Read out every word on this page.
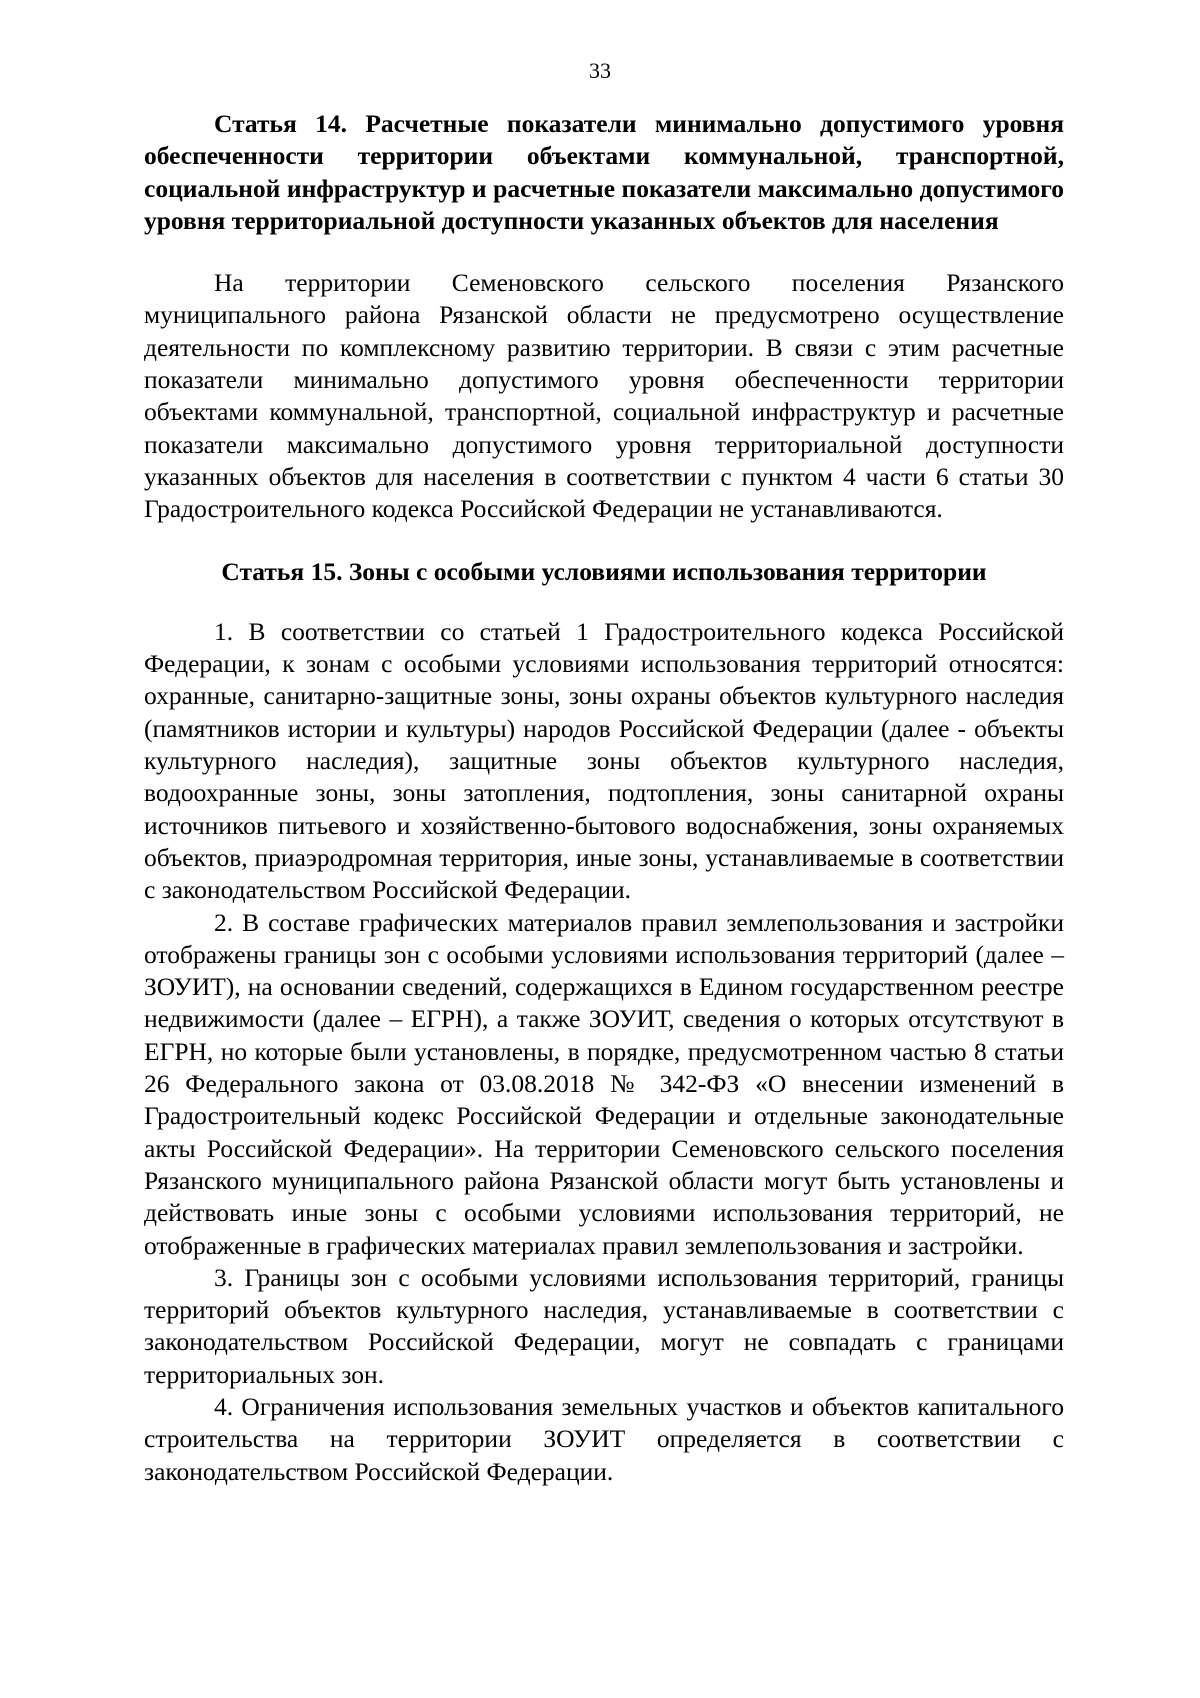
33

Статья 14. Расчетные показатели минимально допустимого уровня обеспеченности территории объектами коммунальной, транспортной, социальной инфраструктур и расчетные показатели максимально допустимого уровня территориальной доступности указанных объектов для населения

На территории Семеновского сельского поселения Рязанского муниципального района Рязанской области не предусмотрено осуществление деятельности по комплексному развитию территории. В связи с этим расчетные показатели минимально допустимого уровня обеспеченности территории объектами коммунальной, транспортной, социальной инфраструктур и расчетные показатели максимально допустимого уровня территориальной доступности указанных объектов для населения в соответствии с пунктом 4 части 6 статьи 30 Градостроительного кодекса Российской Федерации не устанавливаются.

Статья 15. Зоны с особыми условиями использования территории

1. В соответствии со статьей 1 Градостроительного кодекса Российской Федерации, к зонам с особыми условиями использования территорий относятся: охранные, санитарно-защитные зоны, зоны охраны объектов культурного наследия (памятников истории и культуры) народов Российской Федерации (далее - объекты культурного наследия), защитные зоны объектов культурного наследия, водоохранные зоны, зоны затопления, подтопления, зоны санитарной охраны источников питьевого и хозяйственно-бытового водоснабжения, зоны охраняемых объектов, приаэродромная территория, иные зоны, устанавливаемые в соответствии с законодательством Российской Федерации.

2. В составе графических материалов правил землепользования и застройки отображены границы зон с особыми условиями использования территорий (далее – ЗОУИТ), на основании сведений, содержащихся в Едином государственном реестре недвижимости (далее – ЕГРН), а также ЗОУИТ, сведения о которых отсутствуют в ЕГРН, но которые были установлены, в порядке, предусмотренном частью 8 статьи 26 Федерального закона от 03.08.2018 № 342-ФЗ «О внесении изменений в Градостроительный кодекс Российской Федерации и отдельные законодательные акты Российской Федерации». На территории Семеновского сельского поселения Рязанского муниципального района Рязанской области могут быть установлены и действовать иные зоны с особыми условиями использования территорий, не отображенные в графических материалах правил землепользования и застройки.

3. Границы зон с особыми условиями использования территорий, границы территорий объектов культурного наследия, устанавливаемые в соответствии с законодательством Российской Федерации, могут не совпадать с границами территориальных зон.

4. Ограничения использования земельных участков и объектов капитального строительства на территории ЗОУИТ определяется в соответствии с законодательством Российской Федерации.
